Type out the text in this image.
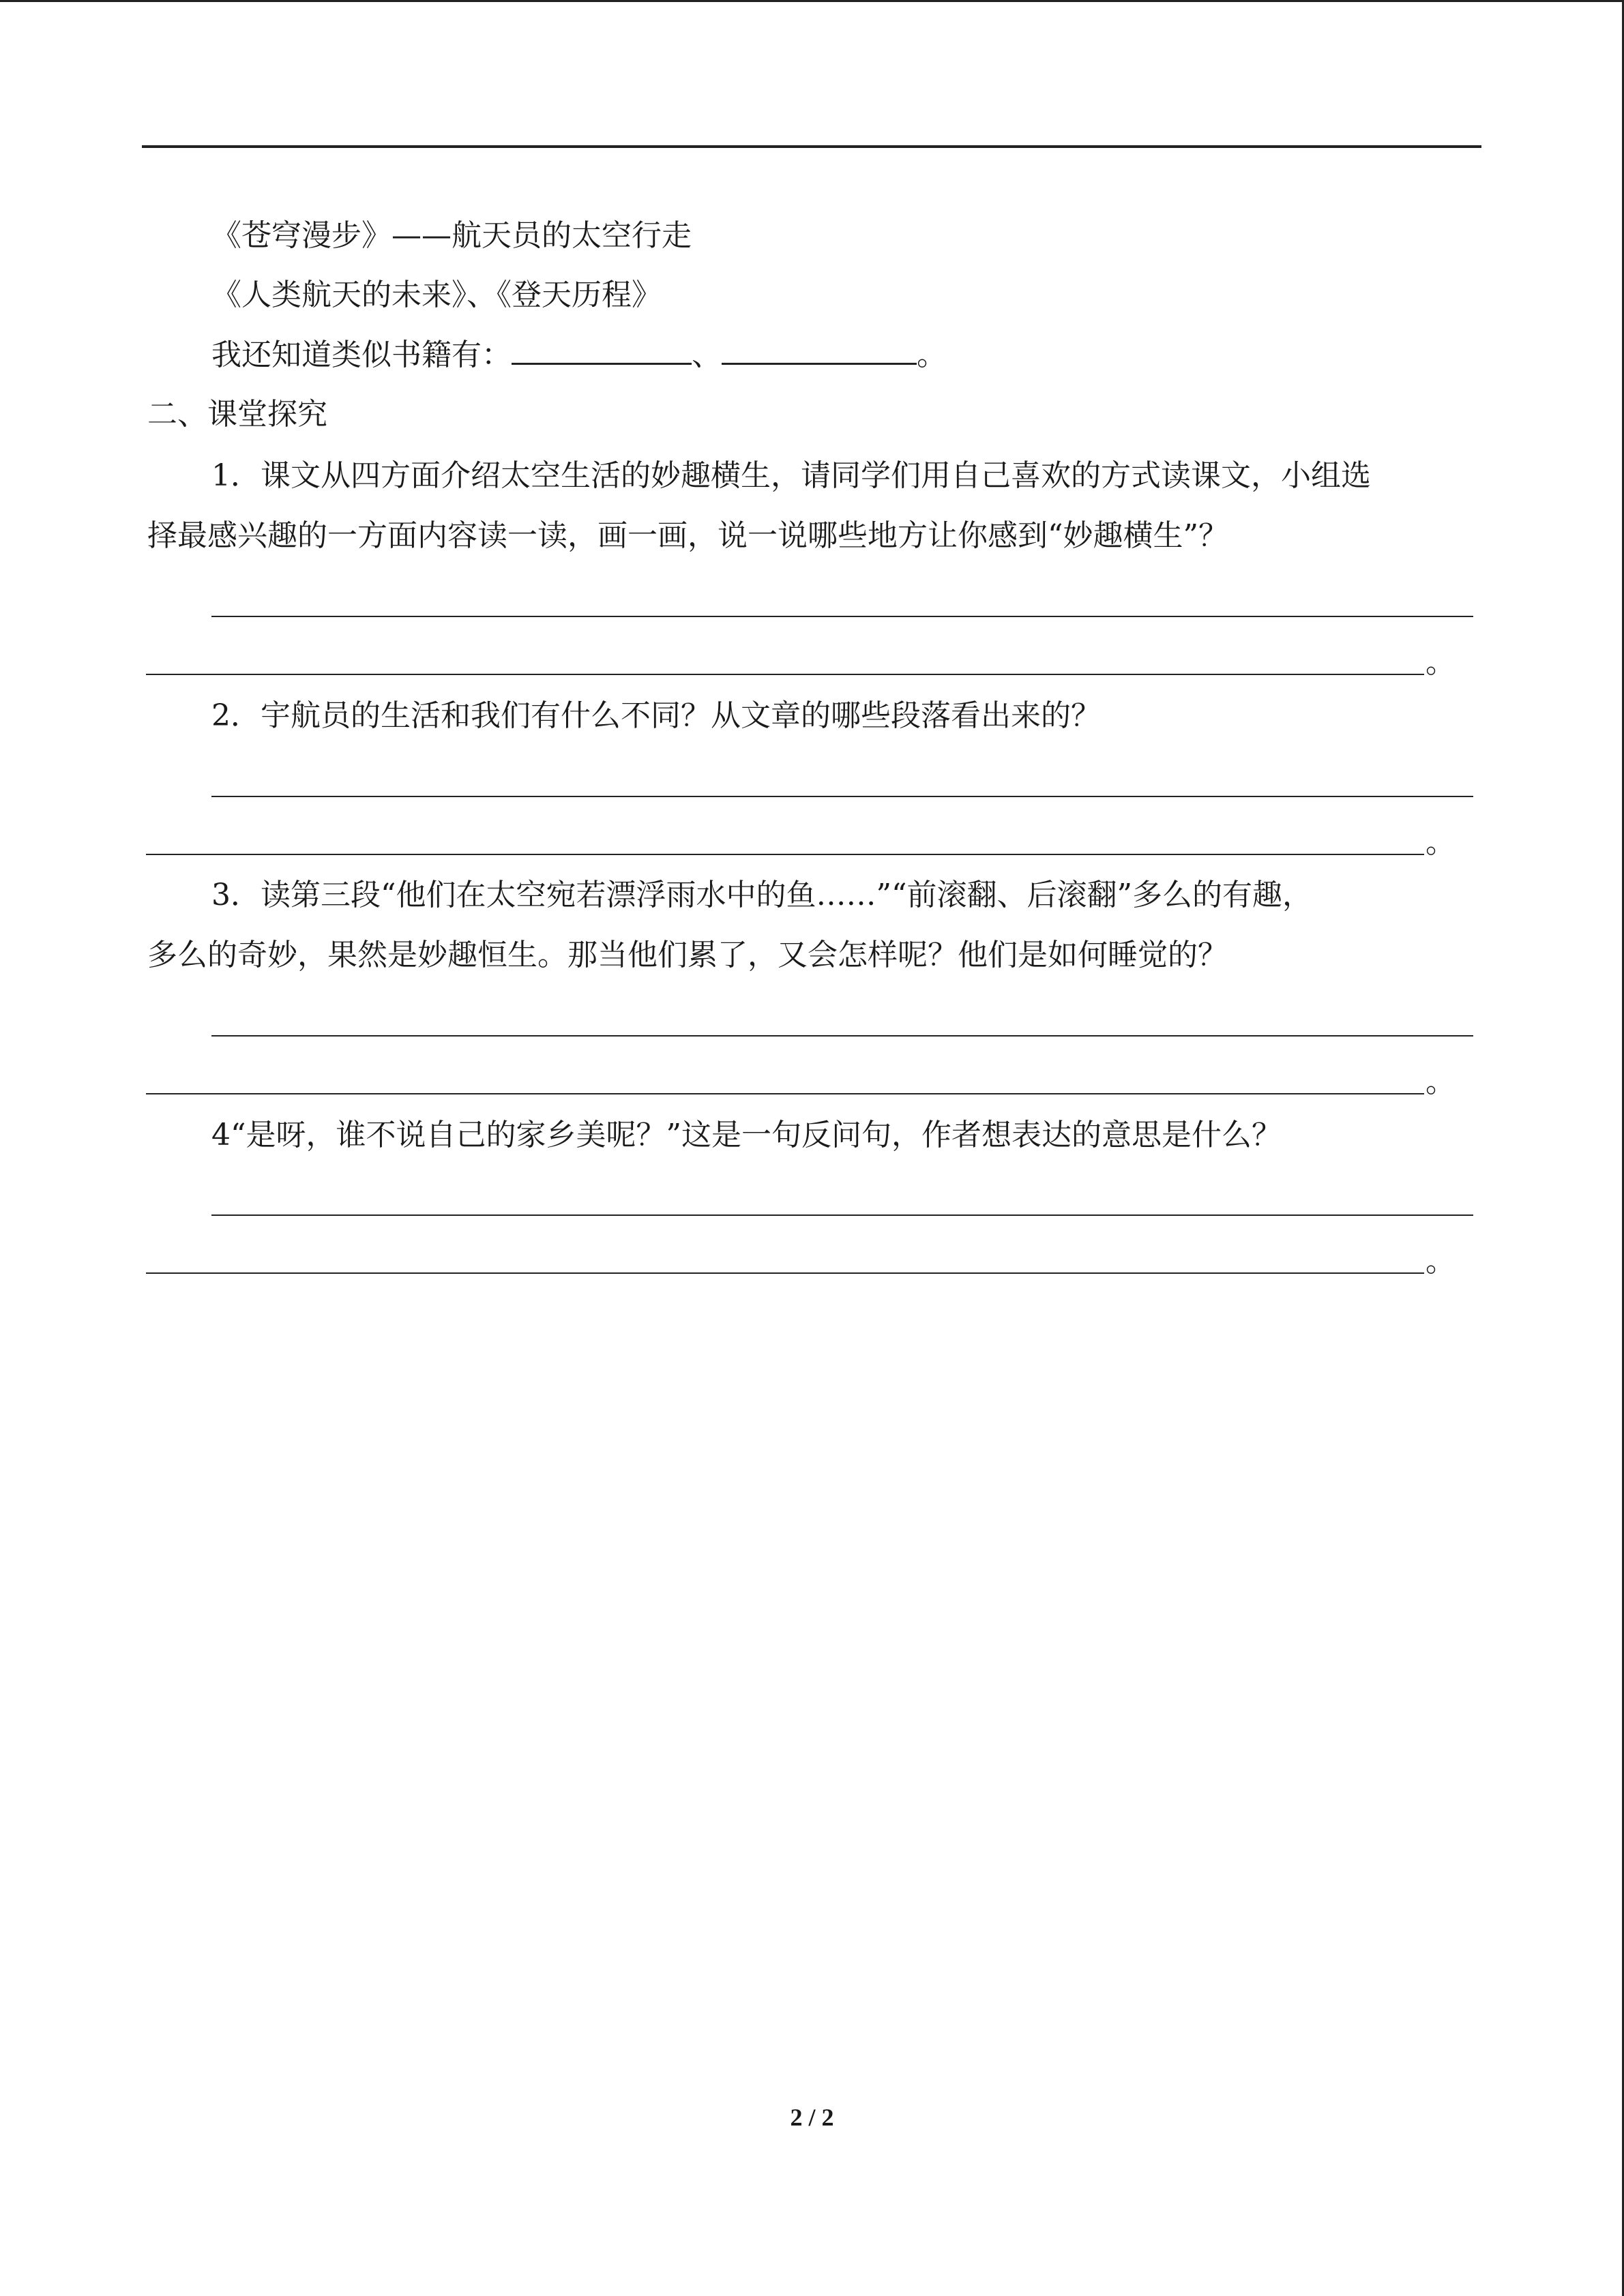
《苍穹漫步》——航天员的太空行走
《人类航天的未来》、《登天历程》
我还知道类似书籍有：	、	。
二、课堂探究
1．课文从四方面介绍太空生活的妙趣横生，请同学们用自己喜欢的方式读课文，小组选
择最感兴趣的一方面内容读一读，画一画，说一说哪些地方让你感到“妙趣横生”？
。
2．宇航员的生活和我们有什么不同？从文章的哪些段落看出来的？
。
3．读第三段“他们在太空宛若漂浮雨水中的鱼……”“前滚翻、后滚翻”多么的有趣，
多么的奇妙，果然是妙趣恒生。那当他们累了，又会怎样呢？他们是如何睡觉的？
。
4“是呀，谁不说自己的家乡美呢？”这是一句反问句，作者想表达的意思是什么？
。
2 / 2
